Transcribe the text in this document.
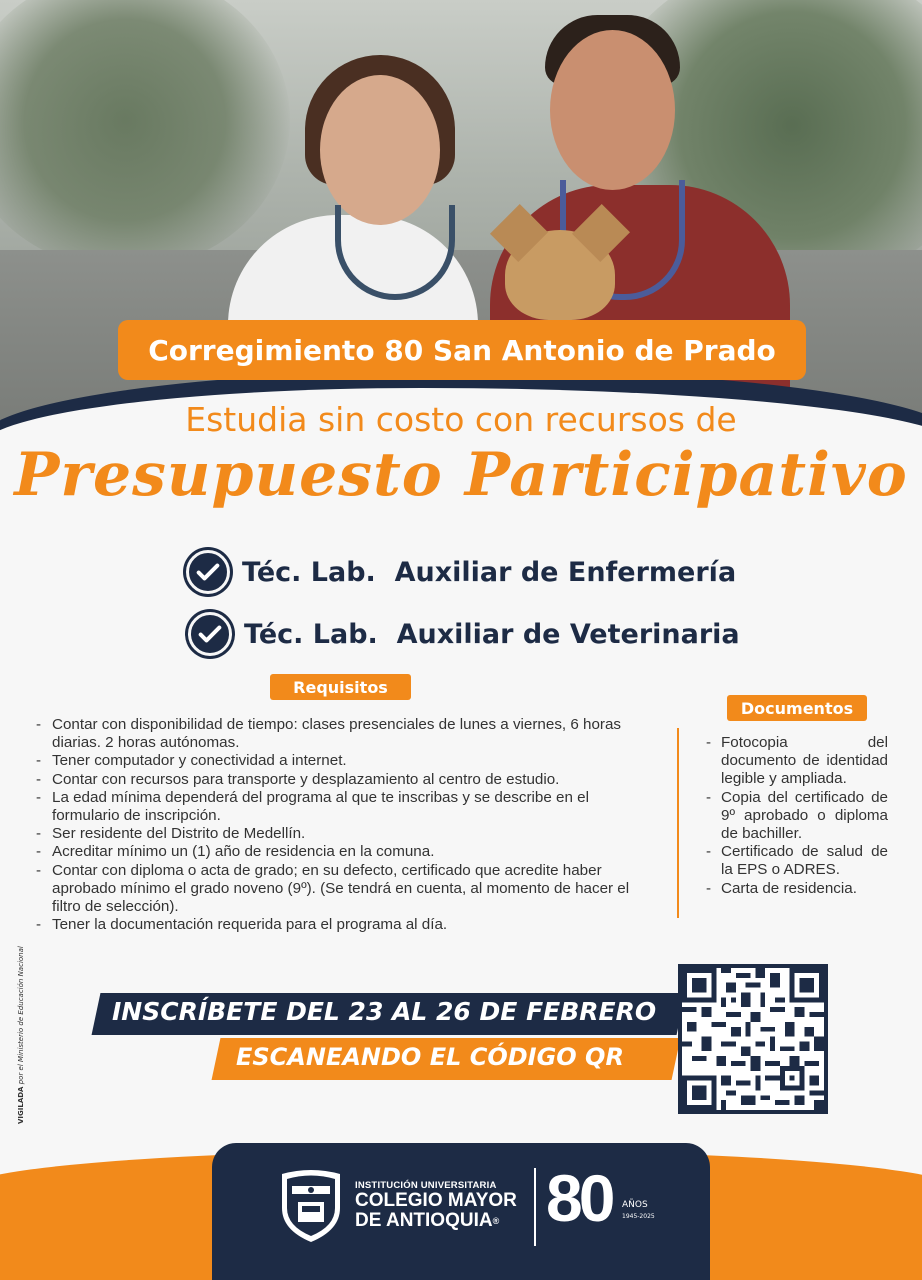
Corregimiento 80 San Antonio de Prado
Estudia sin costo con recursos de
Presupuesto Participativo
Téc. Lab.  Auxiliar de Enfermería
Téc. Lab.  Auxiliar de Veterinaria
Requisitos
- Contar con disponibilidad de tiempo: clases presenciales de lunes a viernes, 6 horas diarias. 2 horas autónomas.
- Tener computador y conectividad a internet.
- Contar con recursos para transporte y desplazamiento al centro de estudio.
- La edad mínima dependerá del programa al que te inscribas y se describe en el formulario de inscripción.
- Ser residente del Distrito de Medellín.
- Acreditar mínimo un (1) año de residencia en la comuna.
- Contar con diploma o acta de grado; en su defecto, certificado que acredite haber aprobado mínimo el grado noveno (9º). (Se tendrá en cuenta, al momento de hacer el filtro de selección).
- Tener la documentación requerida para el programa al día.
Documentos
- Fotocopia del documento de identidad legible y ampliada.
- Copia del certificado de 9º aprobado o diploma de bachiller.
- Certificado de salud de la EPS o ADRES.
- Carta de residencia.
VIGILADA por el Ministerio de Educación Nacional	INSCRÍBETE DEL 23 AL 26 DE FEBRERO
ESCANEANDO EL CÓDIGO QR
INSTITUCIÓN UNIVERSITARIA
COLEGIO MAYOR
DE ANTIOQUIA® 80 AÑOS
1945-2025
